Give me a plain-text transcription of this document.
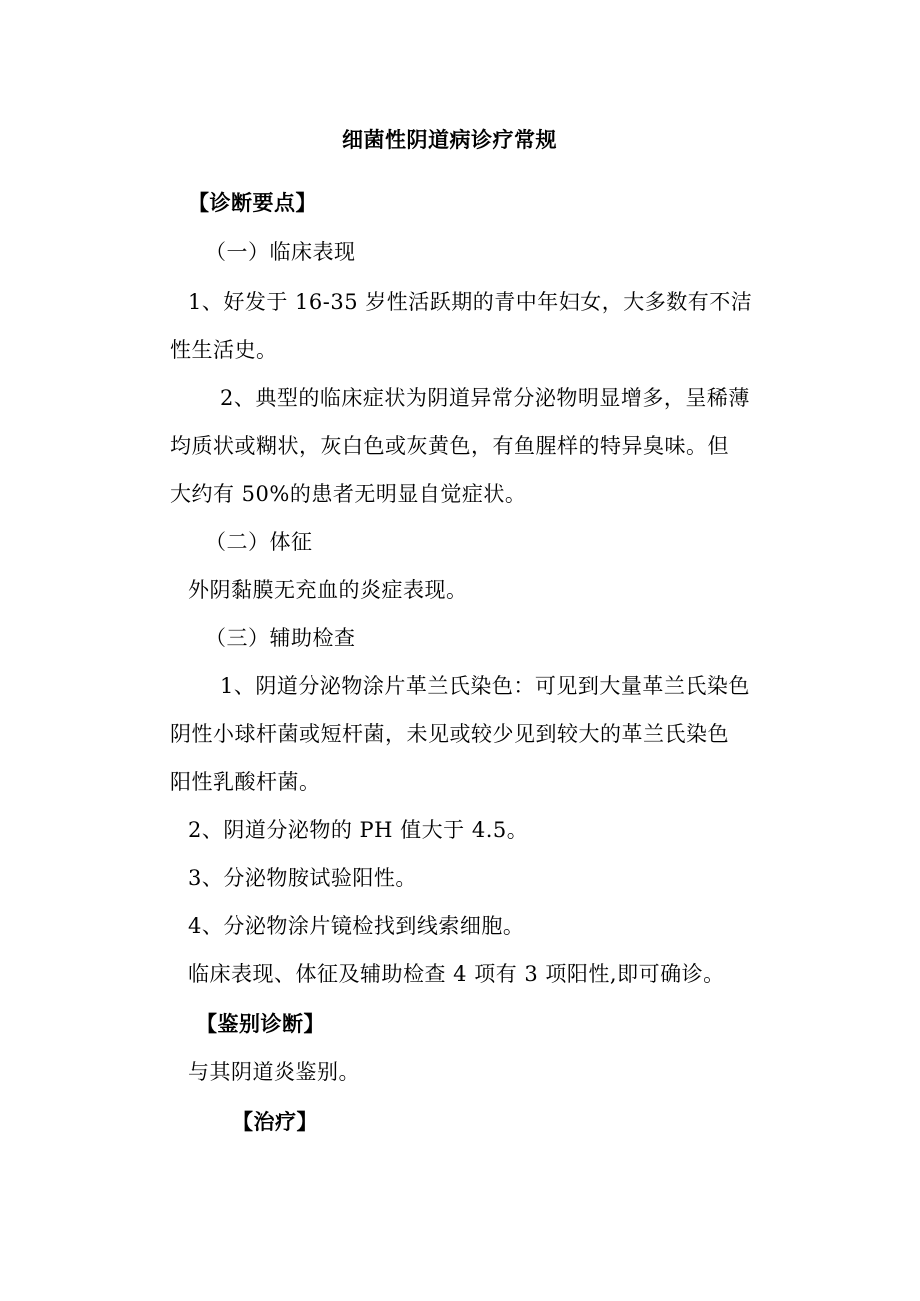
细菌性阴道病诊疗常规
【诊断要点】
（一）临床表现
1、好发于 16-35 岁性活跃期的青中年妇女，大多数有不洁
性生活史。
2、典型的临床症状为阴道异常分泌物明显增多，呈稀薄
均质状或糊状，灰白色或灰黄色，有鱼腥样的特异臭味。但
大约有 50%的患者无明显自觉症状。
（二）体征
外阴黏膜无充血的炎症表现。
（三）辅助检查
1、阴道分泌物涂片革兰氏染色：可见到大量革兰氏染色
阴性小球杆菌或短杆菌，未见或较少见到较大的革兰氏染色
阳性乳酸杆菌。
2、阴道分泌物的 PH 值大于 4.5。
3、分泌物胺试验阳性。
4、分泌物涂片镜检找到线索细胞。
临床表现、体征及辅助检查 4 项有 3 项阳性,即可确诊。
【鉴别诊断】
与其阴道炎鉴别。
【治疗】
